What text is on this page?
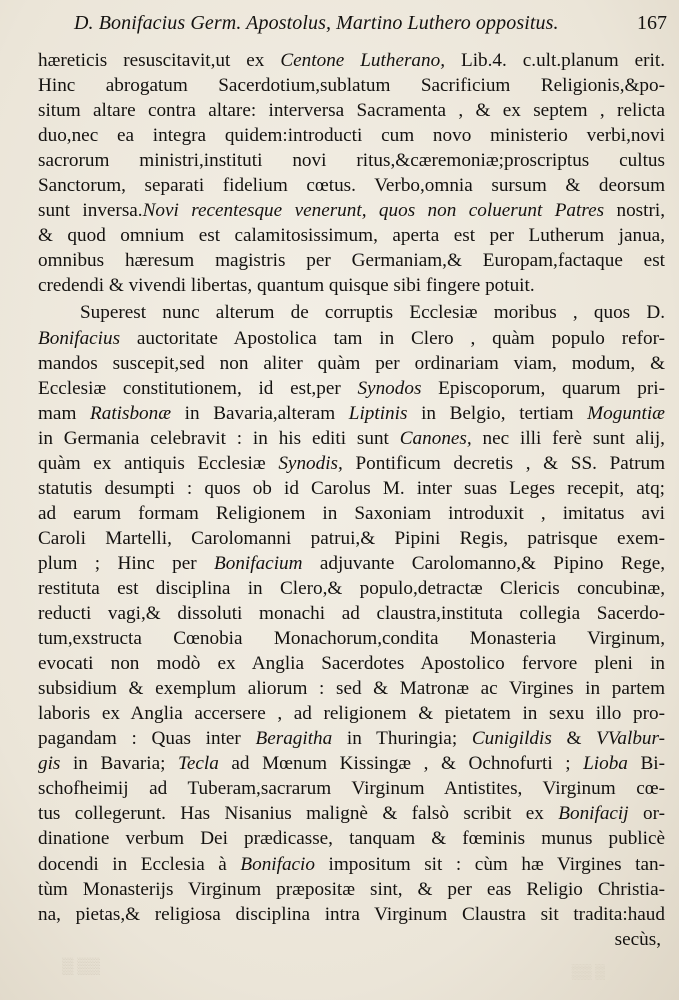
D. Bonifacius Germ. Apostolus, Martino Luthero oppositus.	167
hæreticis resuscitavit,ut ex Centone Lutherano, Lib.4. c.ult.planum erit.
Hinc abrogatum Sacerdotium,sublatum Sacrificium Religionis,&po-
situm altare contra altare: interversa Sacramenta , & ex septem , relicta
duo,nec ea integra quidem:introducti cum novo ministerio verbi,novi
sacrorum ministri,instituti novi ritus,&cæremoniæ;proscriptus cultus
Sanctorum, separati fidelium cœtus. Verbo,omnia sursum & deorsum
sunt inversa.Novi recentesque venerunt, quos non coluerunt Patres nostri,
& quod omnium est calamitosissimum, aperta est per Lutherum janua,
omnibus hæresum magistris per Germaniam,& Europam,factaque est
credendi & vivendi libertas, quantum quisque sibi fingere potuit.
Superest nunc alterum de corruptis Ecclesiæ moribus , quos D.
Bonifacius auctoritate Apostolica tam in Clero , quàm populo refor-
mandos suscepit,sed non aliter quàm per ordinariam viam, modum, &
Ecclesiæ constitutionem, id est,per Synodos Episcoporum, quarum pri-
mam Ratisbonæ in Bavaria,alteram Liptinis in Belgio, tertiam Moguntiæ
in Germania celebravit : in his editi sunt Canones, nec illi ferè sunt alij,
quàm ex antiquis Ecclesiæ Synodis, Pontificum decretis , & SS. Patrum
statutis desumpti : quos ob id Carolus M. inter suas Leges recepit, atq;
ad earum formam Religionem in Saxoniam introduxit , imitatus avi
Caroli Martelli, Carolomanni patrui,& Pipini Regis, patrisque exem-
plum ; Hinc per Bonifacium adjuvante Carolomanno,& Pipino Rege,
restituta est disciplina in Clero,& populo,detractæ Clericis concubinæ,
reducti vagi,& dissoluti monachi ad claustra,instituta collegia Sacerdo-
tum,exstructa Cœnobia Monachorum,condita Monasteria Virginum,
evocati non modò ex Anglia Sacerdotes Apostolico fervore pleni in
subsidium & exemplum aliorum : sed & Matronæ ac Virgines in partem
laboris ex Anglia accersere , ad religionem & pietatem in sexu illo pro-
pagandam : Quas inter Beragitha in Thuringia; Cunigildis & VValbur-
gis in Bavaria; Tecla ad Mœnum Kissingæ , & Ochnofurti ; Lioba Bi-
schofheimij ad Tuberam,sacrarum Virginum Antistites, Virginum cœ-
tus collegerunt. Has Nisanius malignè & falsò scribit ex Bonifacij or-
dinatione verbum Dei prædicasse, tanquam & fœminis munus publicè
docendi in Ecclesia à Bonifacio impositum sit : cùm hæ Virgines tan-
tùm Monasterijs Virginum præpositæ sint, & per eas Religio Christia-
na, pietas,& religiosa disciplina intra Virginum Claustra sit tradita:haud
secùs,
▒▒ ▒	▒ ▒▒
